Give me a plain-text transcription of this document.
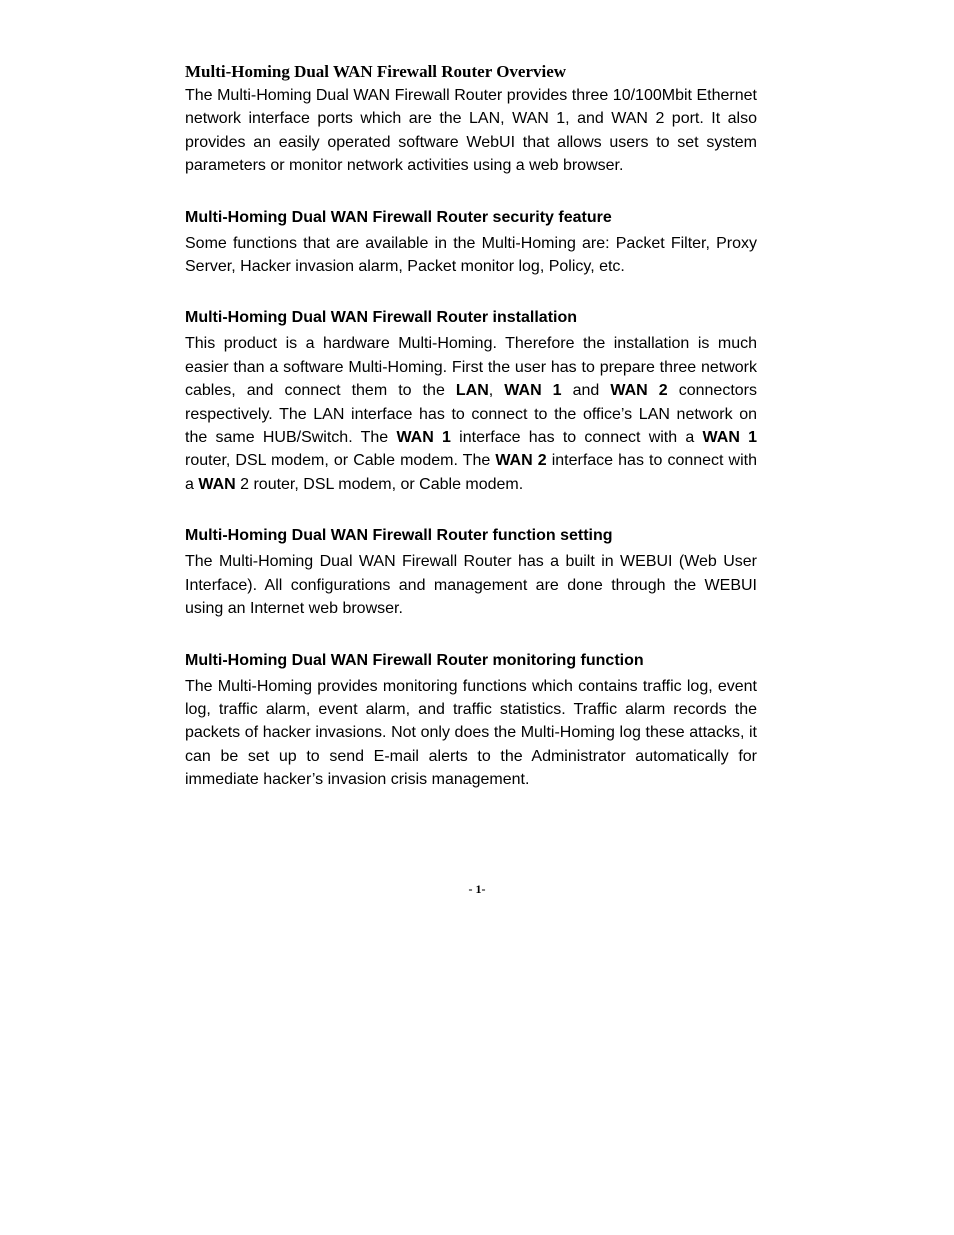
Multi-Homing Dual WAN Firewall Router Overview

The Multi-Homing Dual WAN Firewall Router provides three 10/100Mbit Ethernet network interface ports which are the LAN, WAN 1, and WAN 2 port. It also provides an easily operated software WebUI that allows users to set system parameters or monitor network activities using a web browser.

Multi-Homing Dual WAN Firewall Router security feature

Some functions that are available in the Multi-Homing are: Packet Filter, Proxy Server, Hacker invasion alarm, Packet monitor log, Policy, etc.

Multi-Homing Dual WAN Firewall Router installation

This product is a hardware Multi-Homing. Therefore the installation is much easier than a software Multi-Homing. First the user has to prepare three network cables, and connect them to the LAN, WAN 1 and WAN 2 connectors respectively. The LAN interface has to connect to the office’s LAN network on the same HUB/Switch. The WAN 1 interface has to connect with a WAN 1 router, DSL modem, or Cable modem. The WAN 2 interface has to connect with a WAN 2 router, DSL modem, or Cable modem.

Multi-Homing Dual WAN Firewall Router function setting

The Multi-Homing Dual WAN Firewall Router has a built in WEBUI (Web User Interface). All configurations and management are done through the WEBUI using an Internet web browser.

Multi-Homing Dual WAN Firewall Router monitoring function

The Multi-Homing provides monitoring functions which contains traffic log, event log, traffic alarm, event alarm, and traffic statistics. Traffic alarm records the packets of hacker invasions. Not only does the Multi-Homing log these attacks, it can be set up to send E-mail alerts to the Administrator automatically for immediate hacker’s invasion crisis management.

- 1-
